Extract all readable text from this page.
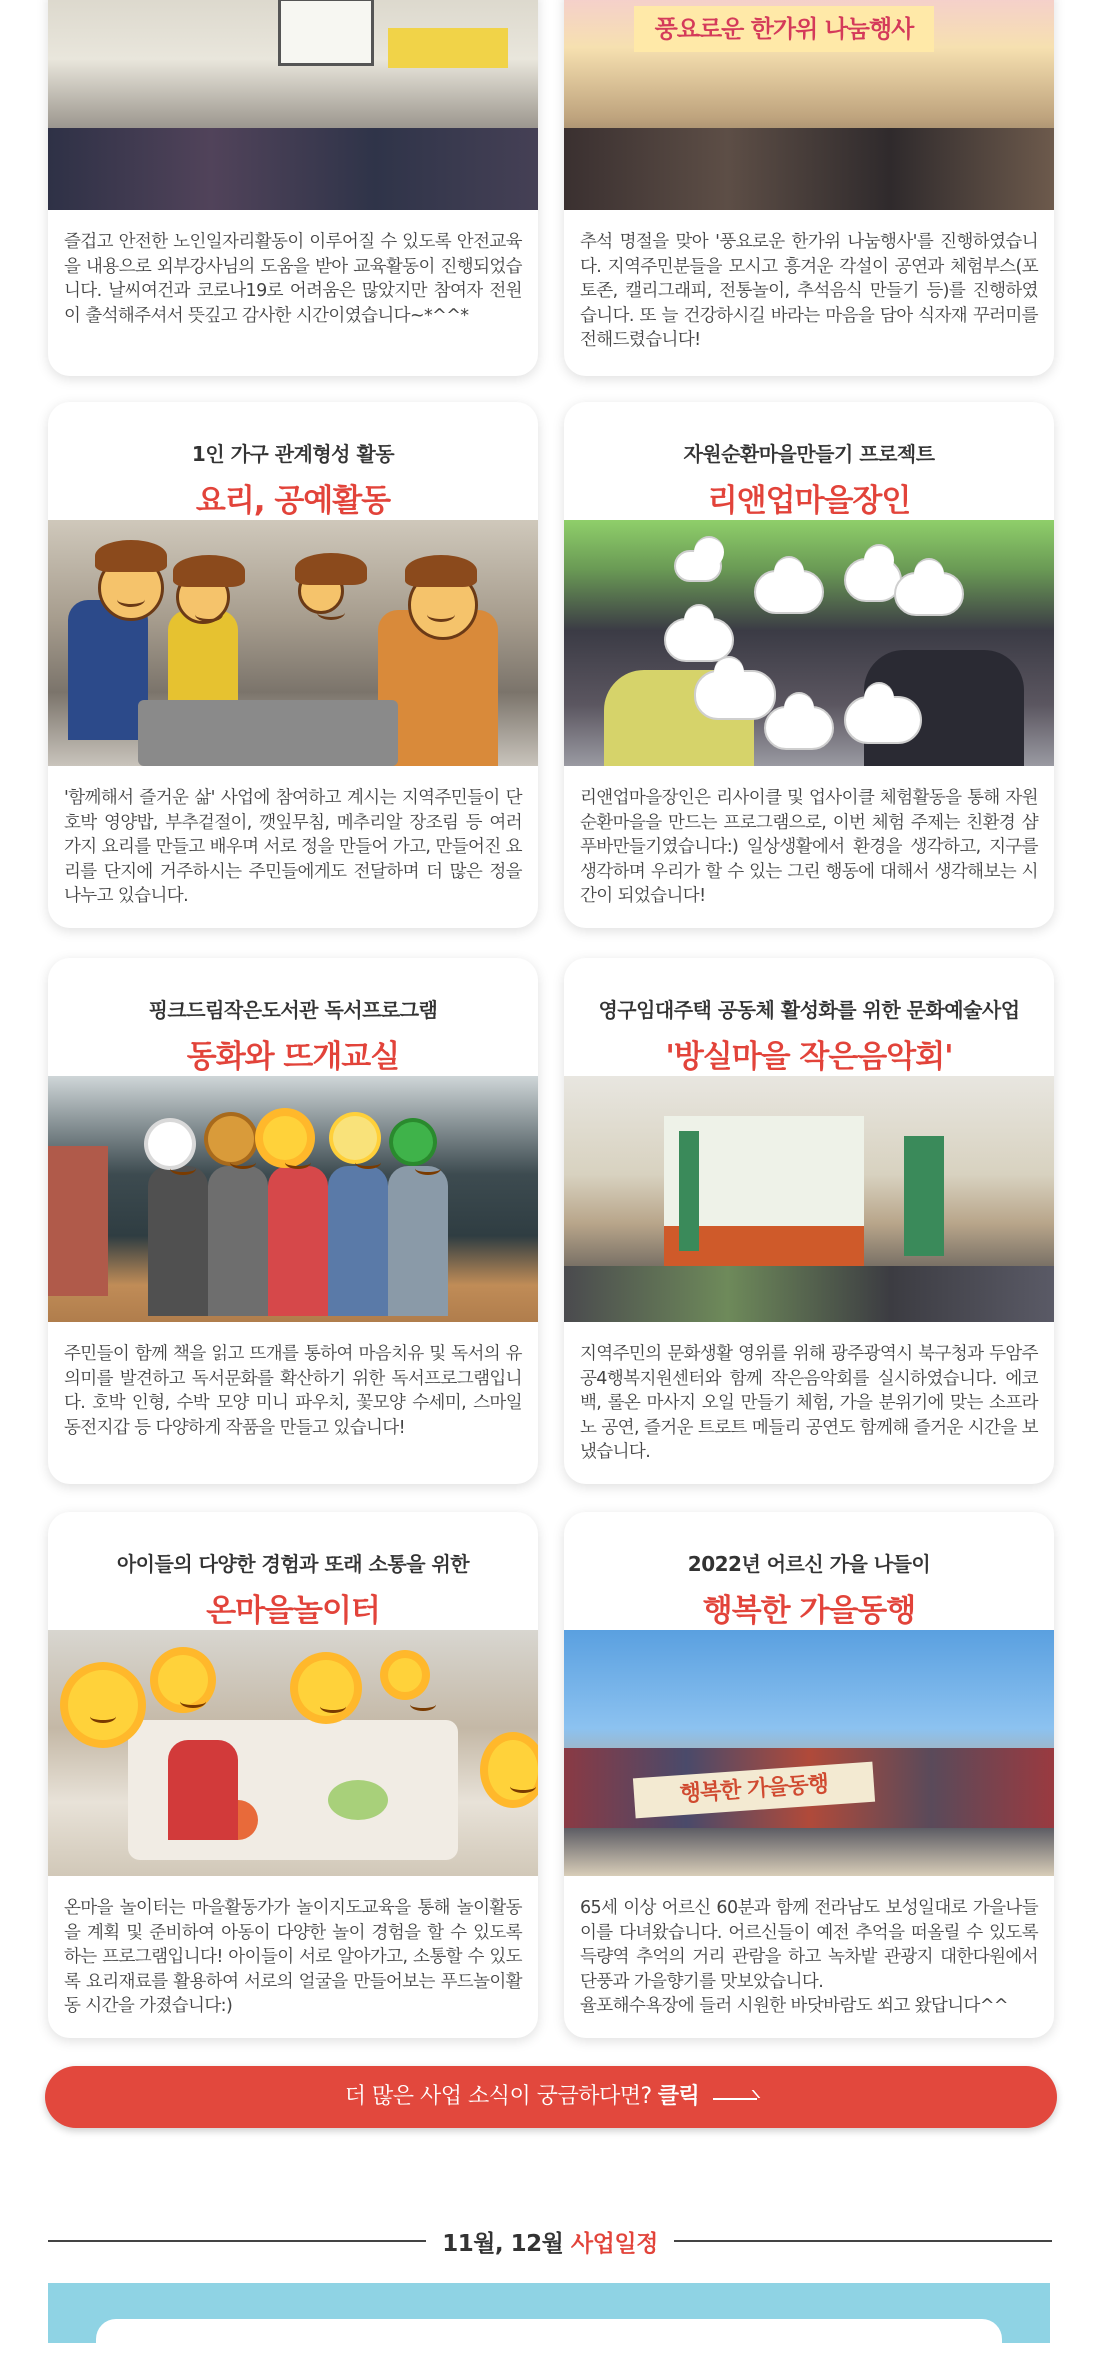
즐겁고 안전한 노인일자리활동이 이루어질 수 있도록 안전교육을 내용으로 외부강사님의 도움을 받아 교육활동이 진행되었습니다. 날씨여건과 코로나19로 어려움은 많았지만 참여자 전원이 출석해주셔서 뜻깊고 감사한 시간이였습니다~*^^*
풍요로운 한가위 나눔행사
추석 명절을 맞아 '풍요로운 한가위 나눔행사'를 진행하였습니다. 지역주민분들을 모시고 흥겨운 각설이 공연과 체험부스(포토존, 캘리그래피, 전통놀이, 추석음식 만들기 등)를 진행하였습니다. 또 늘 건강하시길 바라는 마음을 담아 식자재 꾸러미를 전해드렸습니다!
1인 가구 관계형성 활동
요리, 공예활동
'함께해서 즐거운 삶' 사업에 참여하고 계시는 지역주민들이 단호박 영양밥, 부추겉절이, 깻잎무침, 메추리알 장조림 등 여러 가지 요리를 만들고 배우며 서로 정을 만들어 가고, 만들어진 요리를 단지에 거주하시는 주민들에게도 전달하며 더 많은 정을 나누고 있습니다.
자원순환마을만들기 프로젝트
리앤업마을장인
리앤업마을장인은 리사이클 및 업사이클 체험활동을 통해 자원순환마을을 만드는 프로그램으로, 이번 체험 주제는 친환경 샴푸바만들기였습니다:) 일상생활에서 환경을 생각하고, 지구를 생각하며 우리가 할 수 있는 그린 행동에 대해서 생각해보는 시간이 되었습니다!
핑크드림작은도서관 독서프로그램
동화와 뜨개교실
주민들이 함께 책을 읽고 뜨개를 통하여 마음치유 및 독서의 유의미를 발견하고 독서문화를 확산하기 위한 독서프로그램입니다. 호박 인형, 수박 모양 미니 파우치, 꽃모양 수세미, 스마일 동전지갑 등 다양하게 작품을 만들고 있습니다!
영구임대주택 공동체 활성화를 위한 문화예술사업
'방실마을 작은음악회'
지역주민의 문화생활 영위를 위해 광주광역시 북구청과 두암주공4행복지원센터와 함께 작은음악회를 실시하였습니다. 에코백, 롤온 마사지 오일 만들기 체험, 가을 분위기에 맞는 소프라노 공연, 즐거운 트로트 메들리 공연도 함께해 즐거운 시간을 보냈습니다.
아이들의 다양한 경험과 또래 소통을 위한
온마을놀이터
온마을 놀이터는 마을활동가가 놀이지도교육을 통해 놀이활동을 계획 및 준비하여 아동이 다양한 놀이 경험을 할 수 있도록 하는 프로그램입니다! 아이들이 서로 알아가고, 소통할 수 있도록 요리재료를 활용하여 서로의 얼굴을 만들어보는 푸드놀이활동 시간을 가졌습니다:)
2022년 어르신 가을 나들이
행복한 가을동행
행복한 가을동행
65세 이상 어르신 60분과 함께 전라남도 보성일대로 가을나들이를 다녀왔습니다. 어르신들이 예전 추억을 떠올릴 수 있도록 득량역 추억의 거리 관람을 하고 녹차밭 관광지 대한다원에서 단풍과 가을향기를 맛보았습니다.
율포해수욕장에 들러 시원한 바닷바람도 쐬고 왔답니다^^
더 많은 사업 소식이 궁금하다면? 클릭
11월, 12월 사업일정
